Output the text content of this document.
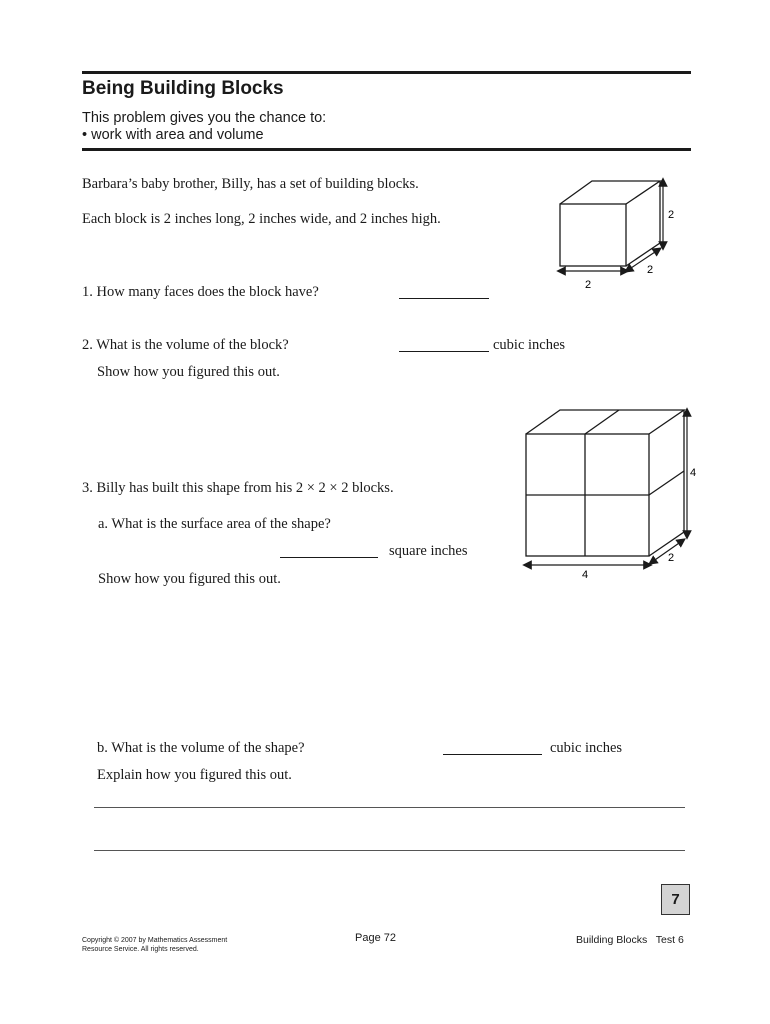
Being Building Blocks
This problem gives you the chance to:
• work with area and volume
Barbara’s baby brother, Billy, has a set of building blocks.
Each block is 2 inches long, 2 inches wide, and 2 inches high.
1. How many faces does the block have?
2. What is the volume of the block?	cubic inches
Show how you figured this out.
3. Billy has built this shape from his 2 × 2 × 2 blocks.
a. What is the surface area of the shape?
square inches
Show how you figured this out.
b. What is the volume of the shape?	cubic inches
Explain how you figured this out.
2
2
2
4
2
4
7
Copyright © 2007 by Mathematics Assessment
Resource Service. All rights reserved.
Page 72	Building Blocks   Test 6
